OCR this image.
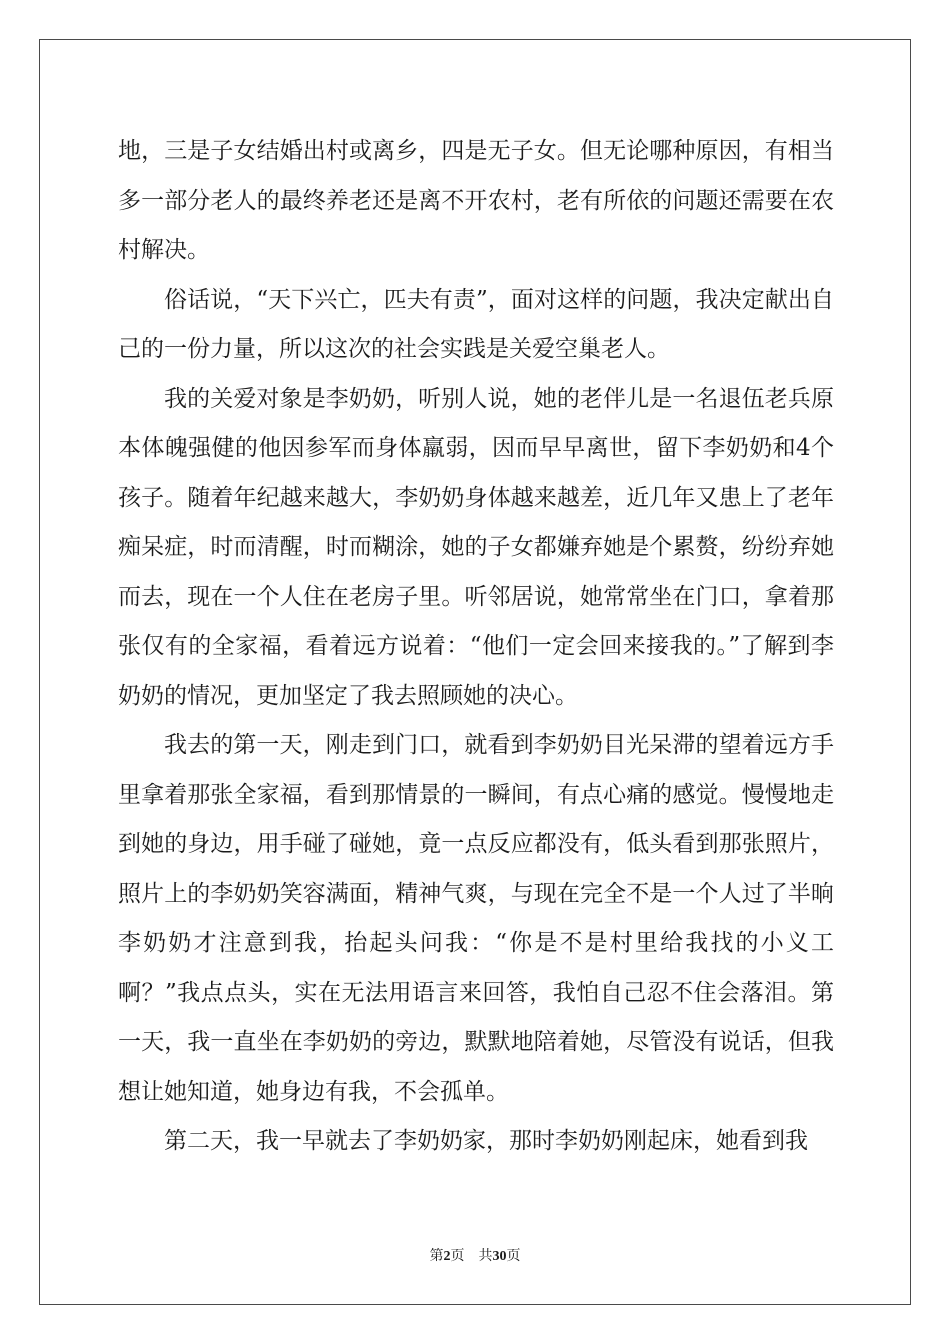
地，三是子女结婚出村或离乡，四是无子女。但无论哪种原因，有相当多一部分老人的最终养老还是离不开农村，老有所依的问题还需要在农村解决。

俗话说，“天下兴亡，匹夫有责”，面对这样的问题，我决定献出自己的一份力量，所以这次的社会实践是关爱空巢老人。

我的关爱对象是李奶奶，听别人说，她的老伴儿是一名退伍老兵原本体魄强健的他因参军而身体羸弱，因而早早离世，留下李奶奶和4个孩子。随着年纪越来越大，李奶奶身体越来越差，近几年又患上了老年痴呆症，时而清醒，时而糊涂，她的子女都嫌弃她是个累赘，纷纷弃她而去，现在一个人住在老房子里。听邻居说，她常常坐在门口，拿着那张仅有的全家福，看着远方说着：“他们一定会回来接我的。”了解到李奶奶的情况，更加坚定了我去照顾她的决心。

我去的第一天，刚走到门口，就看到李奶奶目光呆滞的望着远方手里拿着那张全家福，看到那情景的一瞬间，有点心痛的感觉。慢慢地走到她的身边，用手碰了碰她，竟一点反应都没有，低头看到那张照片，照片上的李奶奶笑容满面，精神气爽，与现在完全不是一个人过了半晌李奶奶才注意到我，抬起头问我：“你是不是村里给我找的小义工啊？”我点点头，实在无法用语言来回答，我怕自己忍不住会落泪。第一天，我一直坐在李奶奶的旁边，默默地陪着她，尽管没有说话，但我想让她知道，她身边有我，不会孤单。

第二天，我一早就去了李奶奶家，那时李奶奶刚起床，她看到我

第2页 共30页
